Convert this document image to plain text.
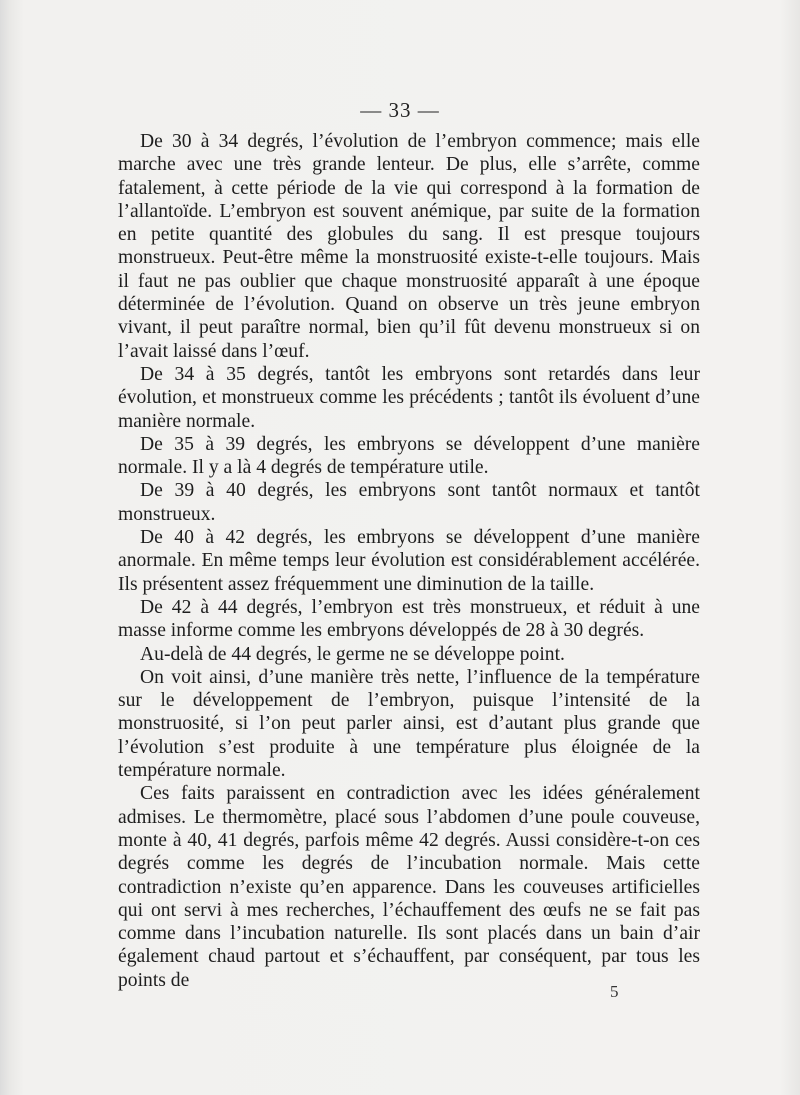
— 33 —

De 30 à 34 degrés, l’évolution de l’embryon commence; mais elle marche avec une très grande lenteur. De plus, elle s’arrête, comme fatalement, à cette période de la vie qui correspond à la formation de l’allantoïde. L’embryon est souvent anémique, par suite de la formation en petite quantité des globules du sang. Il est presque toujours monstrueux. Peut-être même la monstruosité existe-t-elle toujours. Mais il faut ne pas oublier que chaque monstruosité apparaît à une époque déterminée de l’évolution. Quand on observe un très jeune embryon vivant, il peut paraître normal, bien qu’il fût devenu monstrueux si on l’avait laissé dans l’œuf.

De 34 à 35 degrés, tantôt les embryons sont retardés dans leur évolution, et monstrueux comme les précédents ; tantôt ils évoluent d’une manière normale.

De 35 à 39 degrés, les embryons se développent d’une manière normale. Il y a là 4 degrés de température utile.

De 39 à 40 degrés, les embryons sont tantôt normaux et tantôt monstrueux.

De 40 à 42 degrés, les embryons se développent d’une manière anormale. En même temps leur évolution est considérablement accélérée. Ils présentent assez fréquemment une diminution de la taille.

De 42 à 44 degrés, l’embryon est très monstrueux, et réduit à une masse informe comme les embryons développés de 28 à 30 degrés.

Au-delà de 44 degrés, le germe ne se développe point.

On voit ainsi, d’une manière très nette, l’influence de la température sur le développement de l’embryon, puisque l’intensité de la monstruosité, si l’on peut parler ainsi, est d’autant plus grande que l’évolution s’est produite à une température plus éloignée de la température normale.

Ces faits paraissent en contradiction avec les idées généralement admises. Le thermomètre, placé sous l’abdomen d’une poule couveuse, monte à 40, 41 degrés, parfois même 42 degrés. Aussi considère-t-on ces degrés comme les degrés de l’incubation normale. Mais cette contradiction n’existe qu’en apparence. Dans les couveuses artificielles qui ont servi à mes recherches, l’échauffement des œufs ne se fait pas comme dans l’incubation naturelle. Ils sont placés dans un bain d’air également chaud partout et s’échauffent, par conséquent, par tous les points de

5
